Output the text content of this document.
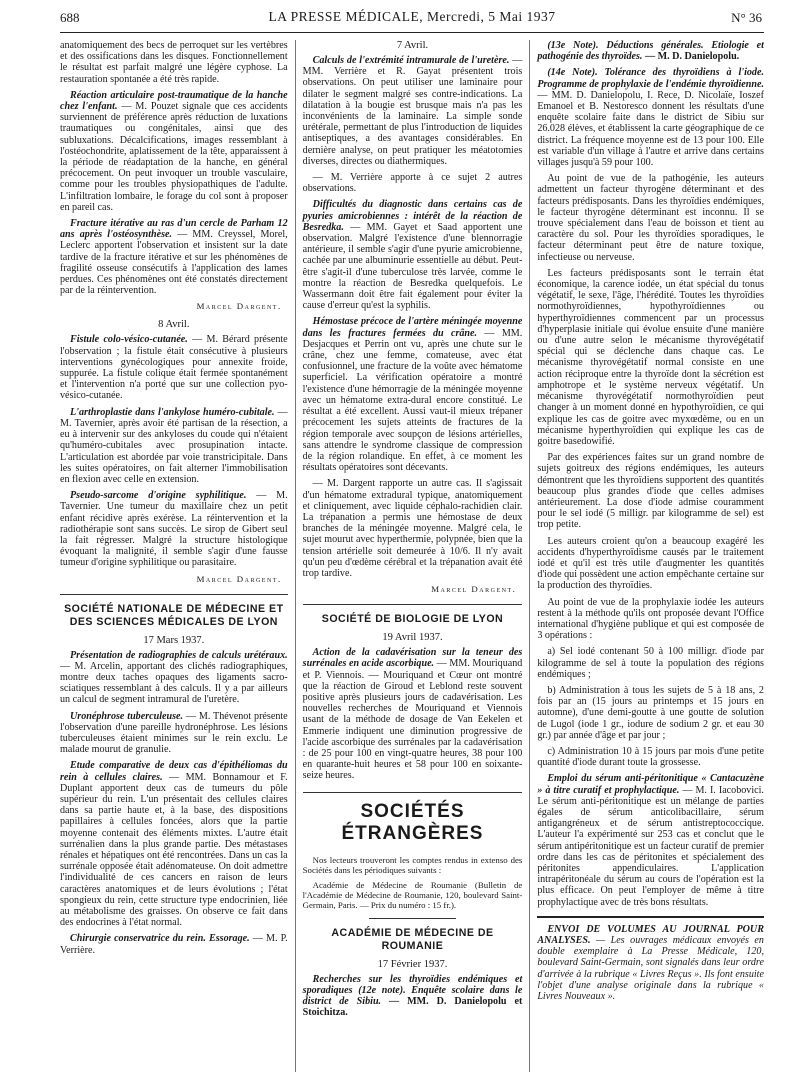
688	LA PRESSE MÉDICALE, Mercredi, 5 Mai 1937	N° 36

anatomiquement des becs de perroquet sur les vertèbres et des ossifications dans les disques. Fonctionnellement le résultat est parfait malgré une légère cyphose. La restauration spontanée a été très rapide.

Réaction articulaire post-traumatique de la hanche chez l'enfant. — M. Pouzet signale que ces accidents surviennent de préférence après réduction de luxations traumatiques ou congénitales, ainsi que des subluxations. Décalcifications, images ressemblant à l'ostéochondrite, aplatissement de la tête, apparaissent à la période de réadaptation de la hanche, en général précocement. On peut invoquer un trouble vasculaire, comme pour les troubles physiopathiques de l'adulte. L'infiltration lombaire, le forage du col sont à proposer en pareil cas.

Fracture itérative au ras d'un cercle de Parham 12 ans après l'ostéosynthèse. — MM. Creyssel, Morel, Leclerc apportent l'observation et insistent sur la date tardive de la fracture itérative et sur les phénomènes de fragilité osseuse consécutifs à l'application des lames perdues. Ces phénomènes ont été constatés directement par de la réintervention.

Marcel Dargent.
8 Avril.

Fistule colo-vésico-cutanée. — M. Bérard présente l'observation ; la fistule était consécutive à plusieurs interventions gynécologiques pour annexite froide, suppurée. La fistule colique était fermée spontanément et l'intervention n'a porté que sur une collection pyo-vésico-cutanée.

L'arthroplastie dans l'ankylose huméro-cubitale. — M. Tavernier, après avoir été partisan de la résection, a eu à intervenir sur des ankyloses du coude qui n'étaient qu'huméro-cubitales avec prosupination intacte. L'articulation est abordée par voie transtricipitale. Dans les suites opératoires, on fait alterner l'immobilisation en flexion avec celle en extension.

Pseudo-sarcome d'origine syphilitique. — M. Tavernier. Une tumeur du maxillaire chez un petit enfant récidive après exérèse. La réintervention et la radiothérapie sont sans succès. Le sirop de Gibert seul la fait régresser. Malgré la structure histologique évoquant la malignité, il semble s'agir d'une fausse tumeur d'origine syphilitique ou parasitaire.

Marcel Dargent.
SOCIÉTÉ NATIONALE DE MÉDECINE ET DES SCIENCES MÉDICALES DE LYON
17 Mars 1937.

Présentation de radiographies de calculs urétéraux. — M. Arcelin, apportant des clichés radiographiques, montre deux taches opaques des ligaments sacro-sciatiques ressemblant à des calculs. Il y a par ailleurs un calcul de segment intramural de l'uretère.

Uronéphrose tuberculeuse. — M. Thévenot présente l'observation d'une pareille hydronéphrose. Les lésions tuberculeuses étaient minimes sur le rein exclu. Le malade mourut de granulie.

Etude comparative de deux cas d'épithéliomas du rein à cellules claires. — MM. Bonnamour et F. Duplant apportent deux cas de tumeurs du pôle supérieur du rein. L'un présentait des cellules claires dans sa partie haute et, à la base, des dispositions papillaires à cellules foncées, alors que la partie moyenne contenait des éléments mixtes. L'autre était surrénalien dans la plus grande partie. Des métastases rénales et hépatiques ont été rencontrées. Dans un cas la surrénale opposée était adénomateuse. On doit admettre l'individualité de ces cancers en raison de leurs caractères anatomiques et de leurs évolutions ; l'état spongieux du rein, cette structure type endocrinien, liée au métabolisme des graisses. On observe ce fait dans des endocrines à l'état normal.

Chirurgie conservatrice du rein. Essorage. — M. P. Verrière.

7 Avril.

Calculs de l'extrémité intramurale de l'uretère. — MM. Verrière et R. Gayat présentent trois observations. On peut utiliser une laminaire pour dilater le segment malgré ses contre-indications. La dilatation à la bougie est brusque mais n'a pas les inconvénients de la laminaire. La simple sonde urétérale, permettant de plus l'introduction de liquides antiseptiques, a des avantages considérables. En dernière analyse, on peut pratiquer les méatotomies diverses, directes ou diathermiques.

— M. Verrière apporte à ce sujet 2 autres observations.

Difficultés du diagnostic dans certains cas de pyuries amicrobiennes : intérêt de la réaction de Besredka. — MM. Gayet et Saad apportent une observation. Malgré l'existence d'une blennorragie antérieure, il semble s'agir d'une pyurie amicrobienne, cachée par une albuminurie essentielle au début. Peut-être s'agit-il d'une tuberculose très larvée, comme le montre la réaction de Besredka quelquefois. Le Wassermann doit être fait également pour éviter la cause d'erreur qu'est la syphilis.

Hémostase précoce de l'artère méningée moyenne dans les fractures fermées du crâne. — MM. Desjacques et Perrin ont vu, après une chute sur le crâne, chez une femme, comateuse, avec état confusionnel, une fracture de la voûte avec hématome superficiel. La vérification opératoire a montré l'existence d'une hémorragie de la méningée moyenne avec un hématome extra-dural encore constitué. Le résultat a été excellent. Aussi vaut-il mieux trépaner précocement les sujets atteints de fractures de la région temporale avec soupçon de lésions artérielles, sans attendre le syndrome classique de compression de la région rolandique. En effet, à ce moment les résultats opératoires sont décevants.

— M. Dargent rapporte un autre cas. Il s'agissait d'un hématome extradural typique, anatomiquement et cliniquement, avec liquide céphalo-rachidien clair. La trépanation a permis une hémostase de deux branches de la méningée moyenne. Malgré cela, le sujet mourut avec hyperthermie, polypnée, bien que la tension artérielle soit demeurée à 10/6. Il n'y avait qu'un peu d'œdème cérébral et la trépanation avait été trop tardive.

Marcel Dargent.
SOCIÉTÉ DE BIOLOGIE DE LYON
19 Avril 1937.

Action de la cadavérisation sur la teneur des surrénales en acide ascorbique. — MM. Mouriquand et P. Viennois. — Mouriquand et Cœur ont montré que la réaction de Giroud et Leblond reste souvent positive après plusieurs jours de cadavérisation. Les nouvelles recherches de Mouriquand et Viennois usant de la méthode de dosage de Van Eekelen et Emmerie indiquent une diminution progressive de l'acide ascorbique des surrénales par la cadavérisation : de 25 pour 100 en vingt-quatre heures, 38 pour 100 en quarante-huit heures et 58 pour 100 en soixante-seize heures.

SOCIÉTÉS ÉTRANGÈRES

Nos lecteurs trouveront les comptes rendus in extenso des Sociétés dans les périodiques suivants :

Académie de Médecine de Roumanie (Bulletin de l'Académie de Médecine de Roumanie, 120, boulevard Saint-Germain, Paris. — Prix du numéro : 15 fr.).

ACADÉMIE DE MÉDECINE DE ROUMANIE
17 Février 1937.

Recherches sur les thyroïdies endémiques et sporadiques (12e note). Enquête scolaire dans le district de Sibiu. — MM. D. Danielopolu et Stoichitza.

(13e Note). Déductions générales. Etiologie et pathogénie des thyroïdes. — M. D. Danielopolu.

(14e Note). Tolérance des thyroïdiens à l'iode. Programme de prophylaxie de l'endémie thyroïdienne. — MM. D. Danielopolu, I. Rece, D. Nicolaïe, Ioszef Emanoel et B. Nestoresco donnent les résultats d'une enquête scolaire faite dans le district de Sibiu sur 26.028 élèves, et établissent la carte géographique de ce district. La fréquence moyenne est de 13 pour 100. Elle est variable d'un village à l'autre et arrive dans certains villages jusqu'à 59 pour 100.

Au point de vue de la pathogénie, les auteurs admettent un facteur thyrogène déterminant et des facteurs prédisposants. Dans les thyroïdies endémiques, le facteur thyrogène déterminant est inconnu. Il se trouve spécialement dans l'eau de boisson et tient au caractère du sol. Pour les thyroïdies sporadiques, le facteur déterminant peut être de nature toxique, infectieuse ou nerveuse.

Les facteurs prédisposants sont le terrain état économique, la carence iodée, un état spécial du tonus végétatif, le sexe, l'âge, l'hérédité. Toutes les thyroïdies normothyroïdiennes, hypothyroïdiennes ou hyperthyroïdiennes commencent par un processus d'hyperplasie initiale qui évolue ensuite d'une manière ou d'une autre selon le mécanisme thyrovégétatif spécial qui se déclenche dans chaque cas. Le mécanisme thyrovégétatif normal consiste en une action réciproque entre la thyroïde dont la sécrétion est amphotrope et le système nerveux végétatif. Un mécanisme thyrovégétatif normothyroïdien peut changer à un moment donné en hypothyroïdien, ce qui explique les cas de goitre avec myxœdème, ou en un mécanisme hyperthyroïdien qui explique les cas de goitre basedowifié.

Par des expériences faites sur un grand nombre de sujets goitreux des régions endémiques, les auteurs démontrent que les thyroïdiens supportent des quantités beaucoup plus grandes d'iode que celles admises antérieurement. La dose d'iode admise couramment pour le sel iodé (5 milligr. par kilogramme de sel) est trop petite.

Les auteurs croient qu'on a beaucoup exagéré les accidents d'hyperthyroïdisme causés par le traitement iodé et qu'il est très utile d'augmenter les quantités d'iode qui possèdent une action empêchante certaine sur la production des thyroïdies.

Au point de vue de la prophylaxie iodée les auteurs restent à la méthode qu'ils ont proposée devant l'Office international d'hygiène publique et qui est composée de 3 opérations :

a) Sel iodé contenant 50 à 100 milligr. d'iode par kilogramme de sel à toute la population des régions endémiques ;

b) Administration à tous les sujets de 5 à 18 ans, 2 fois par an (15 jours au printemps et 15 jours en automne), d'une demi-goutte à une goutte de solution de Lugol (iode 1 gr., iodure de sodium 2 gr. et eau 30 gr.) par année d'âge et par jour ;

c) Administration 10 à 15 jours par mois d'une petite quantité d'iode durant toute la grossesse.

Emploi du sérum anti-péritonitique « Cantacuzène » à titre curatif et prophylactique. — M. I. Iacobovici. Le sérum anti-péritonitique est un mélange de parties égales de sérum anticolibacillaire, sérum antigangréneux et de sérum antistreptococcique. L'auteur l'a expérimenté sur 253 cas et conclut que le sérum antipéritonitique est un facteur curatif de premier ordre dans les cas de péritonites et spécialement des péritonites appendiculaires. L'application intrapéritonéale du sérum au cours de l'opération est la plus efficace. On peut l'employer de même à titre prophylactique avec de très bons résultats.

ENVOI DE VOLUMES AU JOURNAL POUR ANALYSES. — Les ouvrages médicaux envoyés en double exemplaire à La Presse Médicale, 120, boulevard Saint-Germain, sont signalés dans leur ordre d'arrivée à la rubrique « Livres Reçus ». Ils font ensuite l'objet d'une analyse originale dans la rubrique « Livres Nouveaux ».
